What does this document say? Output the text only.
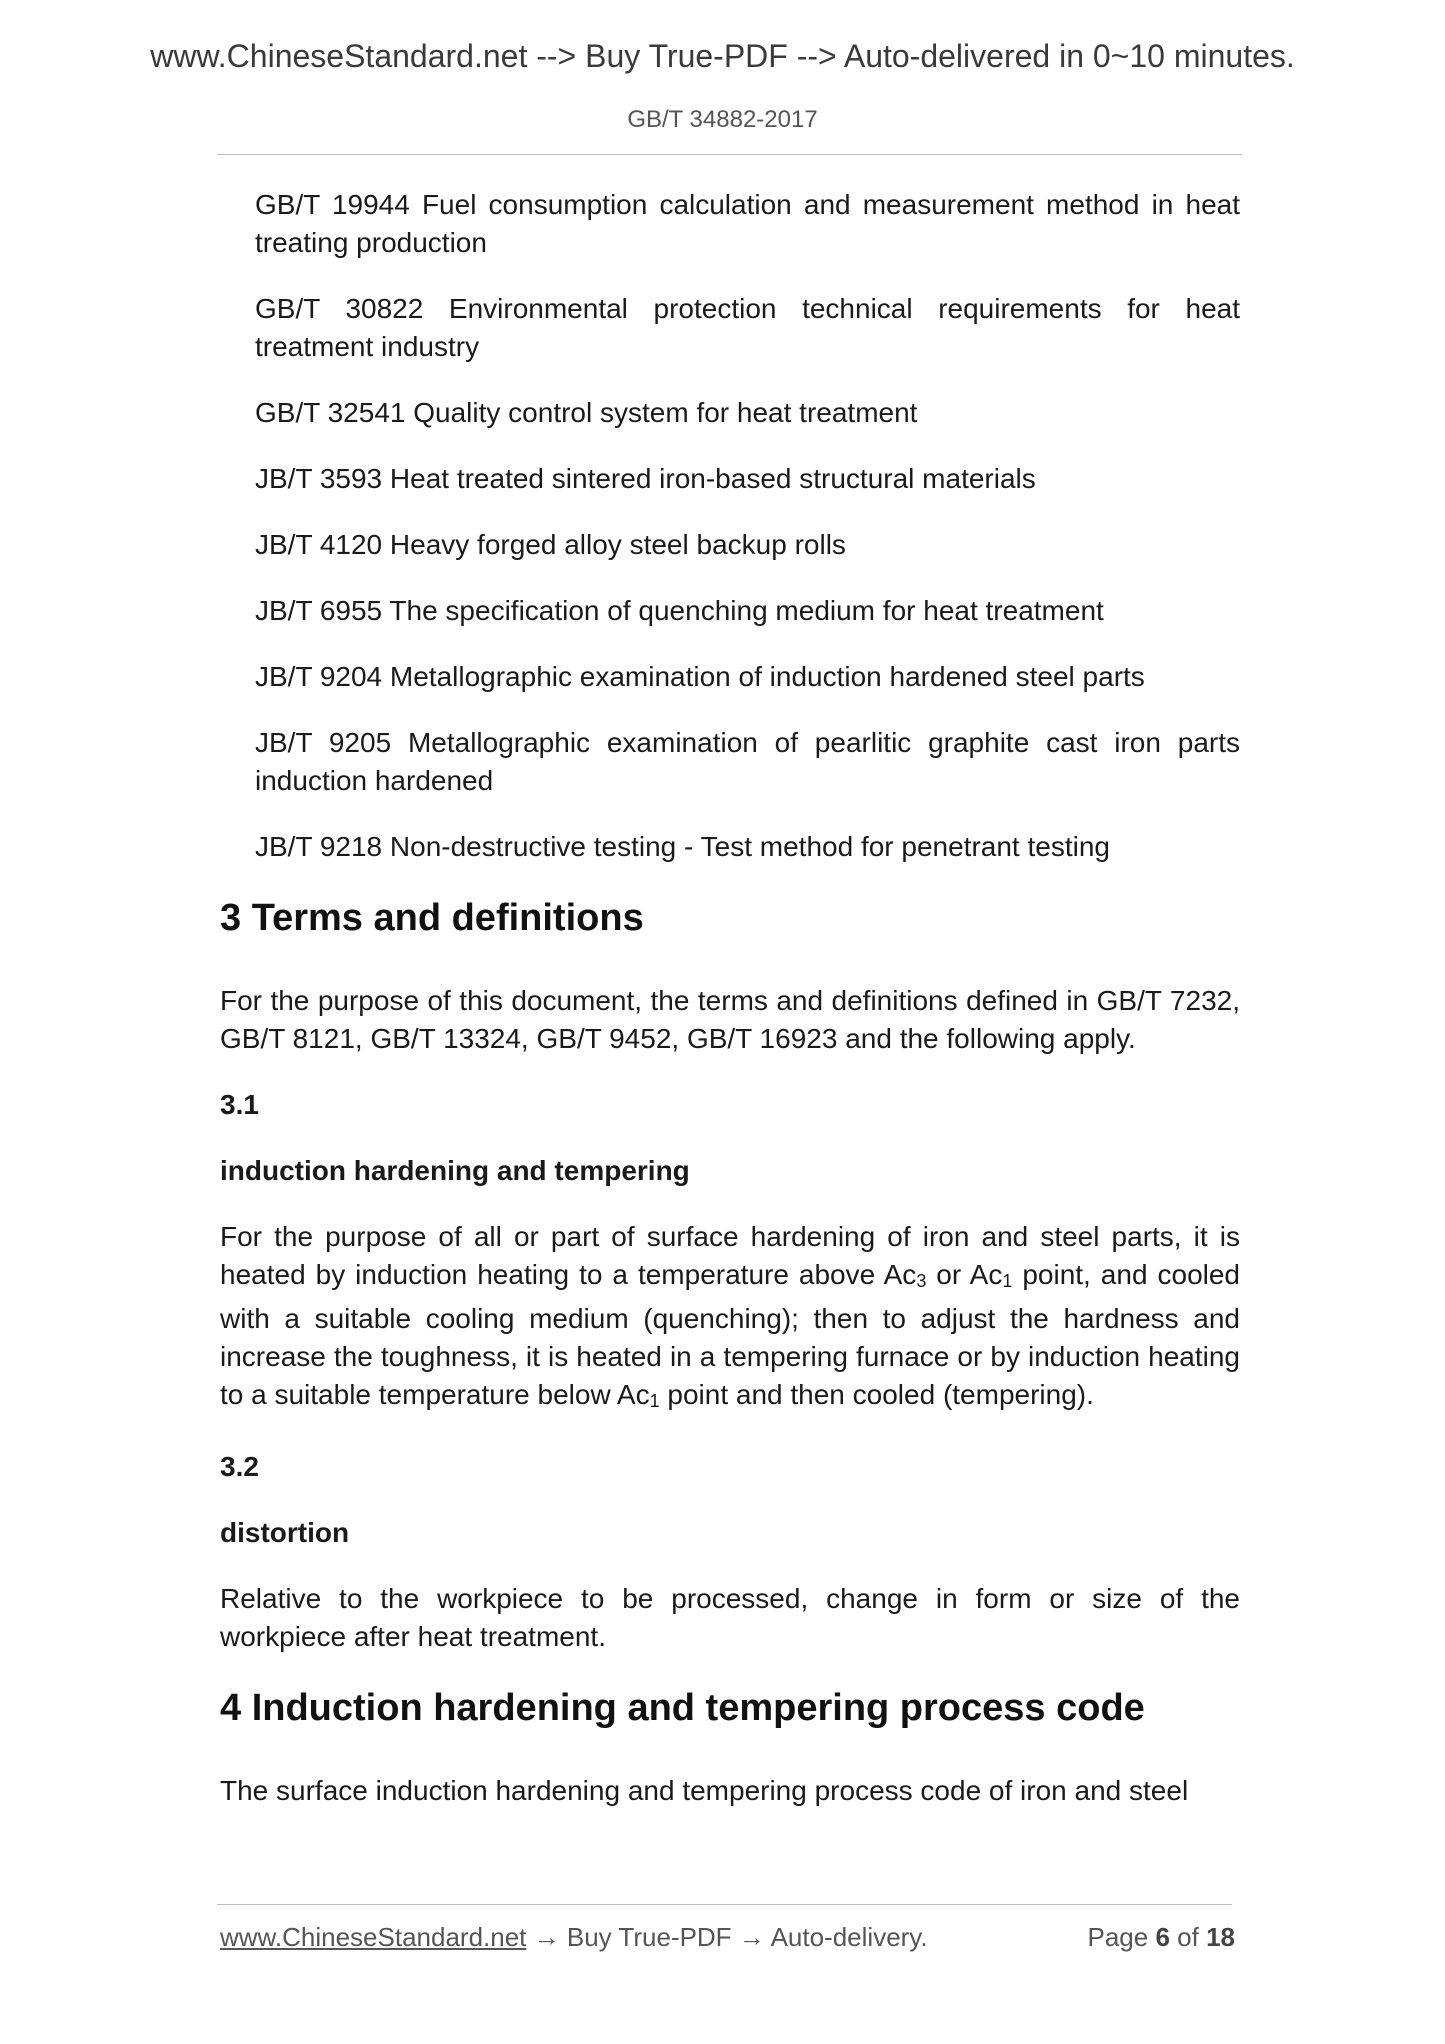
www.ChineseStandard.net --> Buy True-PDF --> Auto-delivered in 0~10 minutes.
GB/T 34882-2017

GB/T 19944 Fuel consumption calculation and measurement method in heat treating production

GB/T 30822 Environmental protection technical requirements for heat treatment industry

GB/T 32541 Quality control system for heat treatment

JB/T 3593 Heat treated sintered iron-based structural materials

JB/T 4120 Heavy forged alloy steel backup rolls

JB/T 6955 The specification of quenching medium for heat treatment

JB/T 9204 Metallographic examination of induction hardened steel parts

JB/T 9205 Metallographic examination of pearlitic graphite cast iron parts induction hardened

JB/T 9218 Non-destructive testing - Test method for penetrant testing

3 Terms and definitions

For the purpose of this document, the terms and definitions defined in GB/T 7232, GB/T 8121, GB/T 13324, GB/T 9452, GB/T 16923 and the following apply.

3.1

induction hardening and tempering

For the purpose of all or part of surface hardening of iron and steel parts, it is heated by induction heating to a temperature above $Ac_3$ or $Ac_1$ point, and cooled with a suitable cooling medium (quenching); then to adjust the hardness and increase the toughness, it is heated in a tempering furnace or by induction heating to a suitable temperature below $Ac_1$ point and then cooled (tempering).

3.2

distortion

Relative to the workpiece to be processed, change in form or size of the workpiece after heat treatment.

4 Induction hardening and tempering process code

The surface induction hardening and tempering process code of iron and steel

www.ChineseStandard.net → Buy True-PDF → Auto-delivery.	Page 6 of 18
